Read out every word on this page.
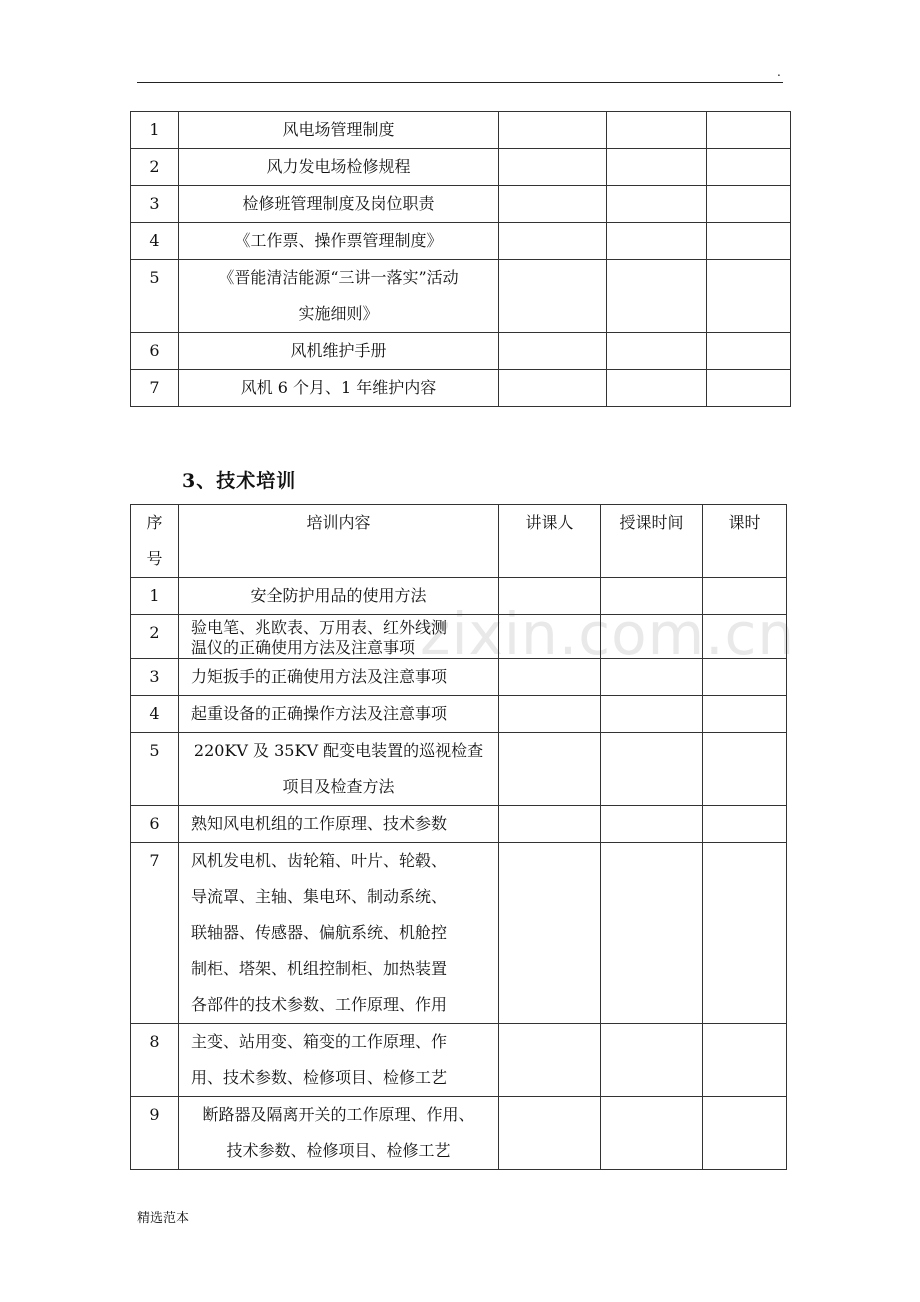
.
zixin.com.cn
1	风电场管理制度			
2	风力发电场检修规程			
3	检修班管理制度及岗位职责			
4	《工作票、操作票管理制度》			
5	《晋能清洁能源“三讲一落实”活动
实施细则》			

6	风机维护手册			
7	风机 6 个月、1 年维护内容			
3、技术培训
序
号	培训内容	讲课人	授课时间	课时
1	安全防护用品的使用方法			
2	验电笔、兆欧表、万用表、红外线测
温仪的正确使用方法及注意事项			

3	力矩扳手的正确使用方法及注意事项			
4	起重设备的正确操作方法及注意事项			
5	220KV 及 35KV 配变电装置的巡视检查
项目及检查方法			

6	熟知风电机组的工作原理、技术参数			
7	风机发电机、齿轮箱、叶片、轮毂、
导流罩、主轴、集电环、制动系统、
联轴器、传感器、偏航系统、机舱控
制柜、塔架、机组控制柜、加热装置
各部件的技术参数、工作原理、作用			

8	主变、站用变、箱变的工作原理、作
用、技术参数、检修项目、检修工艺			

9	断路器及隔离开关的工作原理、作用、
技术参数、检修项目、检修工艺			

精选范本
